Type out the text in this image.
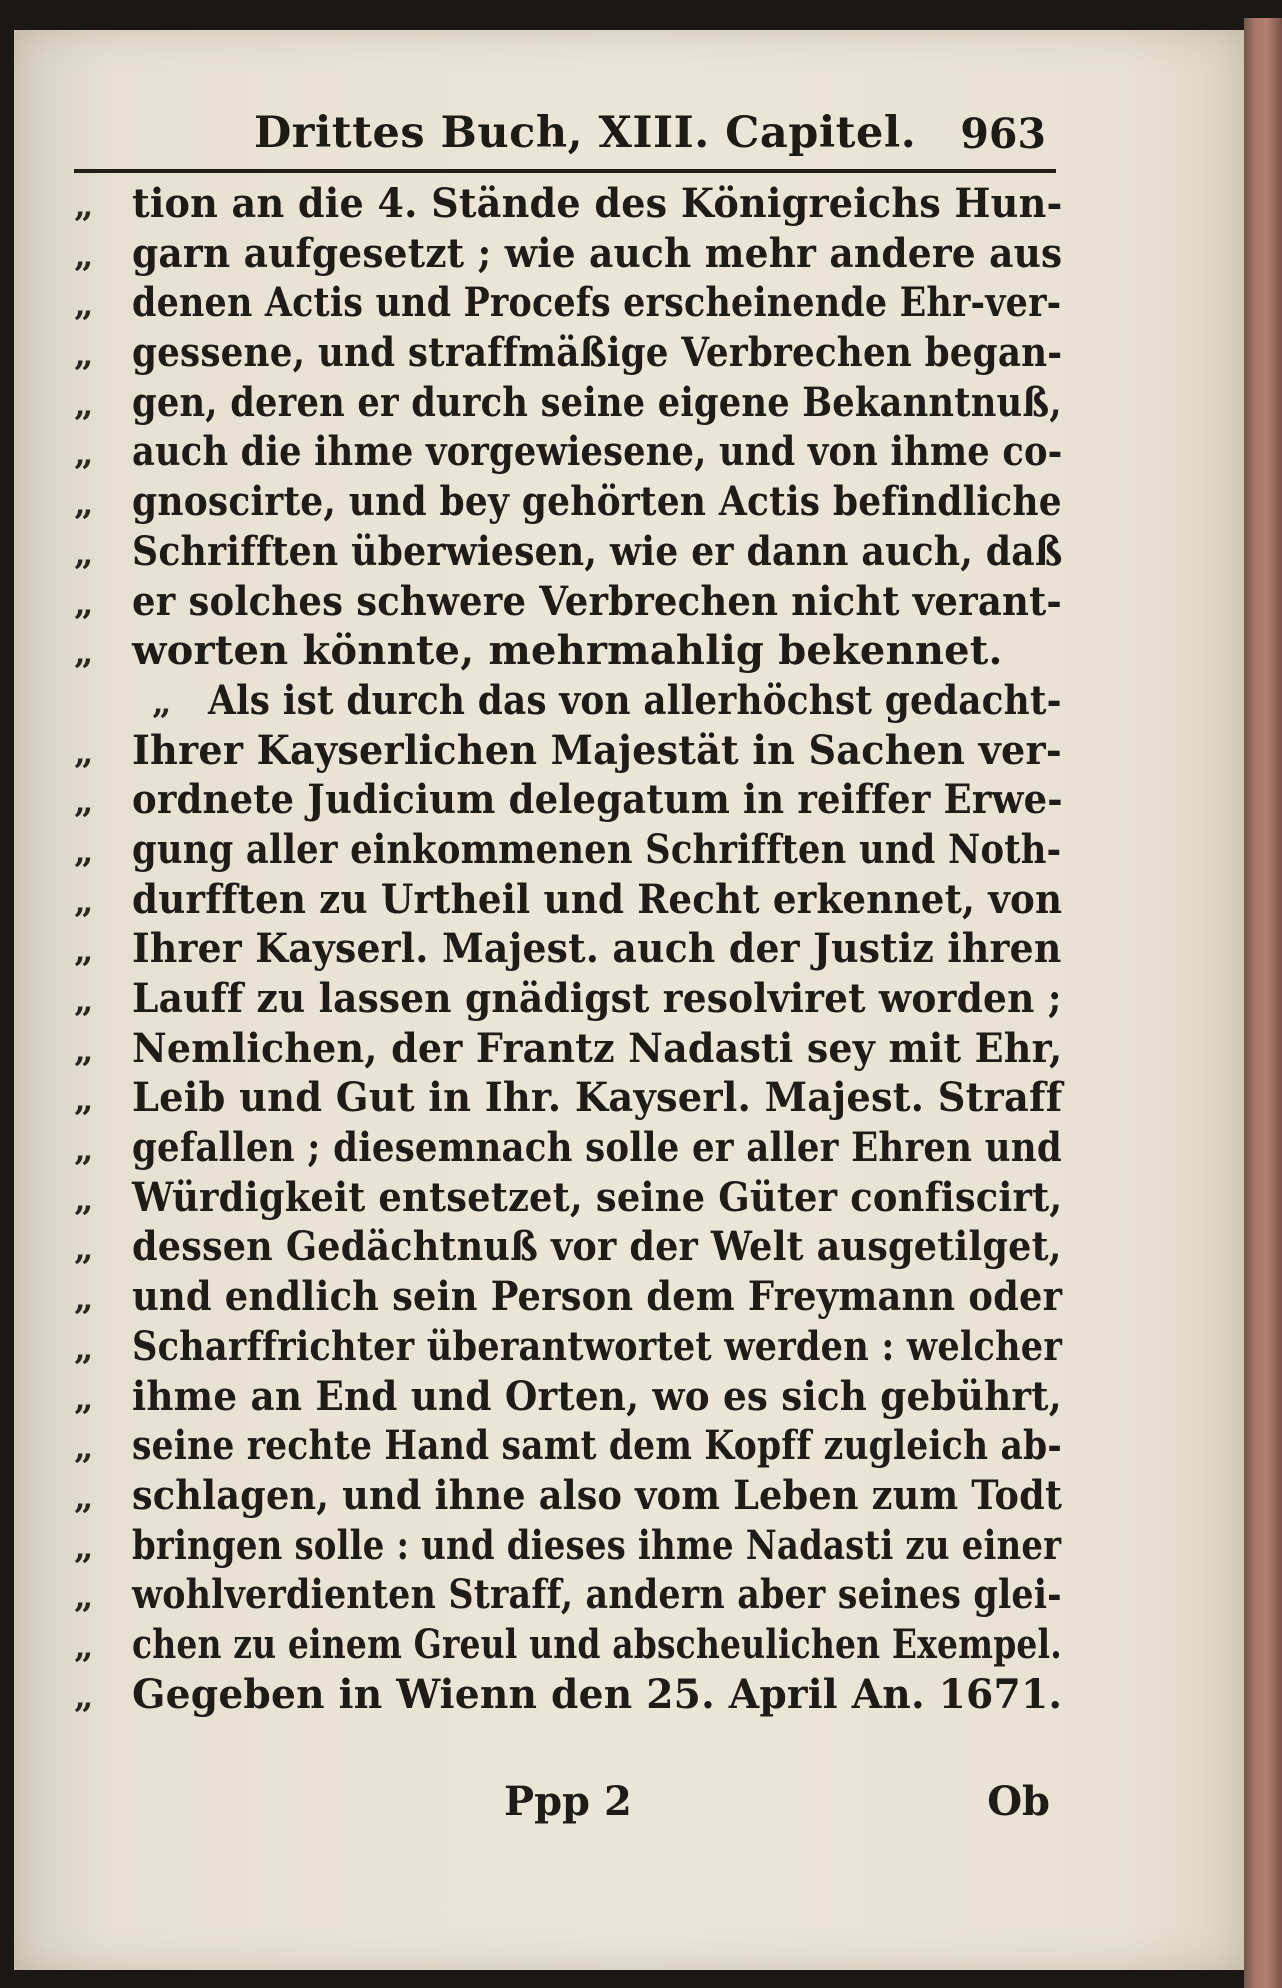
Drittes Buch, XIII. Capitel.	963
„ tion an die 4. Stände des Königreichs Hun-
„ garn aufgesetzt ; wie auch mehr andere aus
„ denen Actis und Procefs erscheinende Ehr-ver-
„ gessene, und straffmäßige Verbrechen began-
„ gen, deren er durch seine eigene Bekanntnuß,
„ auch die ihme vorgewiesene, und von ihme co-
„ gnoscirte, und bey gehörten Actis befindliche
„ Schrifften überwiesen, wie er dann auch, daß
„ er solches schwere Verbrechen nicht verant-
„ worten könnte, mehrmahlig bekennet.
„ Als ist durch das von allerhöchst gedacht-
„ Ihrer Kayserlichen Majestät in Sachen ver-
„ ordnete Judicium delegatum in reiffer Erwe-
„ gung aller einkommenen Schrifften und Noth-
„ durfften zu Urtheil und Recht erkennet, von
„ Ihrer Kayserl. Majest. auch der Justiz ihren
„ Lauff zu lassen gnädigst resolviret worden ;
„ Nemlichen, der Frantz Nadasti sey mit Ehr,
„ Leib und Gut in Ihr. Kayserl. Majest. Straff
„ gefallen ; diesemnach solle er aller Ehren und
„ Würdigkeit entsetzet, seine Güter confiscirt,
„ dessen Gedächtnuß vor der Welt ausgetilget,
„ und endlich sein Person dem Freymann oder
„ Scharffrichter überantwortet werden : welcher
„ ihme an End und Orten, wo es sich gebührt,
„ seine rechte Hand samt dem Kopff zugleich ab-
„ schlagen, und ihne also vom Leben zum Todt
„ bringen solle : und dieses ihme Nadasti zu einer
„ wohlverdienten Straff, andern aber seines glei-
„ chen zu einem Greul und abscheulichen Exempel.
„ Gegeben in Wienn den 25. April An. 1671.
Ppp 2	Ob
